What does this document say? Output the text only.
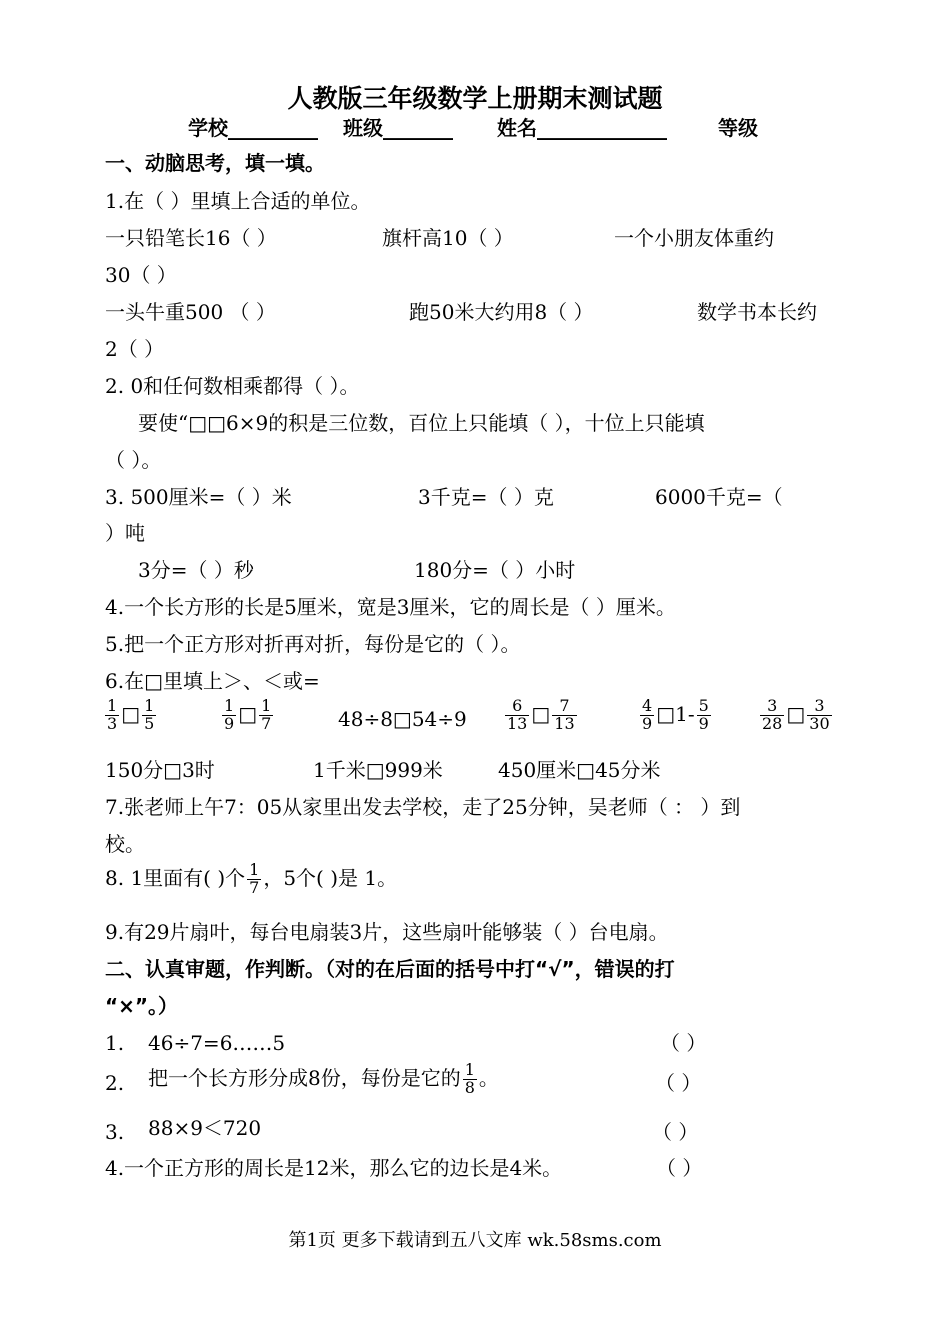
人教版三年级数学上册期末测试题
学校_________ 班级_______ 姓名_____________	等级
一、动脑思考，填一填。
1.在（ ）里填上合适的单位。
一只铅笔长16（ ）	旗杆高10（ ）	一个小朋友体重约
30（ ）
一头牛重500 （ ）	跑50米大约用8（ ）	数学书本长约
2（ ）
2. 0和任何数相乘都得（ ）。
要使“□□6×9的积是三位数，百位上只能填（ ），十位上只能填
（ ）。
3. 500厘米=（ ）米	3千克=（ ）克	6000千克=（
）吨
3分=（ ）秒	180分=（ ）小时
4.一个长方形的长是5厘米，宽是3厘米，它的周长是（ ）厘米。
5.把一个正方形对折再对折，每份是它的（ ）。
6.在□里填上＞、＜或=
$\frac{1}{3}$ □ $\frac{1}{5}$	$\frac{1}{9}$ □ $\frac{1}{7}$	48÷8□54÷9 $\frac{6}{13}$ □ $\frac{7}{13}$	$\frac{4}{9}$ □1- $\frac{5}{9}$	$\frac{3}{28}$ □ $\frac{3}{30}$
150分□3时	1千米□999米	450厘米□45分米
7.张老师上午7：05从家里出发去学校，走了25分钟，吴老师（ ： ）到
校。
8. 1里面有( )个 $\frac{1}{7}$ ，5个( )是 1。
9.有29片扇叶，每台电扇装3片，这些扇叶能够装（ ）台电扇。
二、认真审题，作判断。（对的在后面的括号中打“√”，错误的打
“×”。）
1. 46÷7=6……5	（ ）
2. 把一个长方形分成8份，每份是它的 $\frac{1}{8}$ 。	（ ）
3. 88×9＜720	（ ）
4. 一个正方形的周长是12米，那么它的边长是4米。	（ ）
第1页 更多下载请到五八文库 wk.58sms.com
